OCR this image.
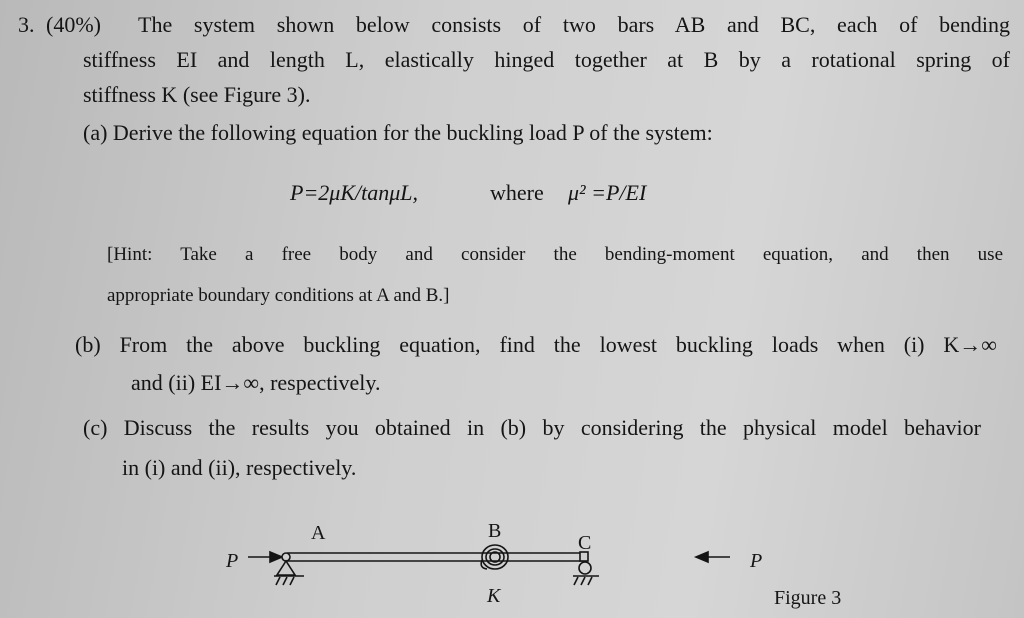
3. (40%) The system shown below consists of two bars AB and BC, each of bending
stiffness EI and length L, elastically hinged together at B by a rotational spring of
stiffness K (see Figure 3).
(a) Derive the following equation for the buckling load P of the system:
P=2μK/tanμL,	where μ² =P/EI
[Hint: Take a free body and consider the bending-moment equation, and then use
appropriate boundary conditions at A and B.]
(b) From the above buckling equation, find the lowest buckling loads when (i) K→∞
and (ii) EI→∞, respectively.
(c) Discuss the results you obtained in (b) by considering the physical model behavior
in (i) and (ii), respectively.
A	B
C
P	P
K	Figure 3
